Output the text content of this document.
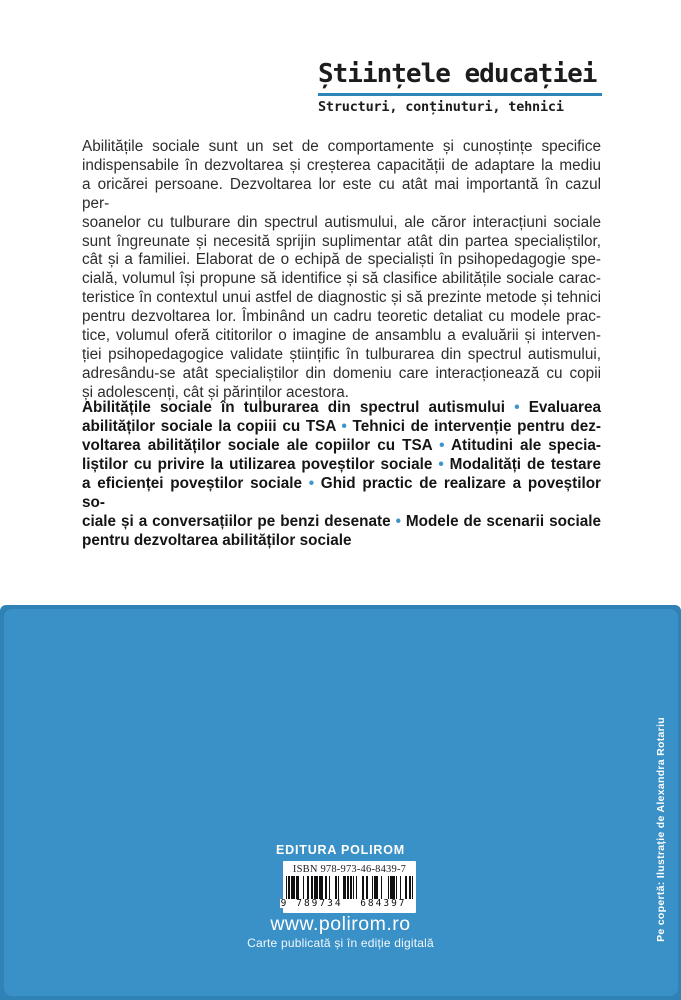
Științele educației
Structuri, conținuturi, tehnici
Abilitățile sociale sunt un set de comportamente și cunoștințe specifice
indispensabile în dezvoltarea și creșterea capacității de adaptare la mediu
a oricărei persoane. Dezvoltarea lor este cu atât mai importantă în cazul per-
soanelor cu tulburare din spectrul autismului, ale căror interacțiuni sociale
sunt îngreunate și necesită sprijin suplimentar atât din partea specialiștilor,
cât și a familiei. Elaborat de o echipă de specialiști în psihopedagogie spe-
cială, volumul își propune să identifice și să clasifice abilitățile sociale carac-
teristice în contextul unui astfel de diagnostic și să prezinte metode și tehnici
pentru dezvoltarea lor. Îmbinând un cadru teoretic detaliat cu modele prac-
tice, volumul oferă cititorilor o imagine de ansamblu a evaluării și interven-
ției psihopedagogice validate științific în tulburarea din spectrul autismului,
adresându-se atât specialiștilor din domeniu care interacționează cu copii
și adolescenți, cât și părinților acestora.
Abilitățile sociale în tulburarea din spectrul autismului • Evaluarea
abilităților sociale la copiii cu TSA • Tehnici de intervenție pentru dez-
voltarea abilităților sociale ale copiilor cu TSA • Atitudini ale specia-
liștilor cu privire la utilizarea poveștilor sociale • Modalități de testare
a eficienței poveștilor sociale • Ghid practic de realizare a poveștilor so-
ciale și a conversațiilor pe benzi desenate • Modele de scenarii sociale
pentru dezvoltarea abilităților sociale
EDITURA POLIROM
ISBN 978-973-46-8439-7
9	789734	684397
www.polirom.ro
Carte publicată și în ediție digitală
Pe copertă: Ilustrație de Alexandra Rotariu
